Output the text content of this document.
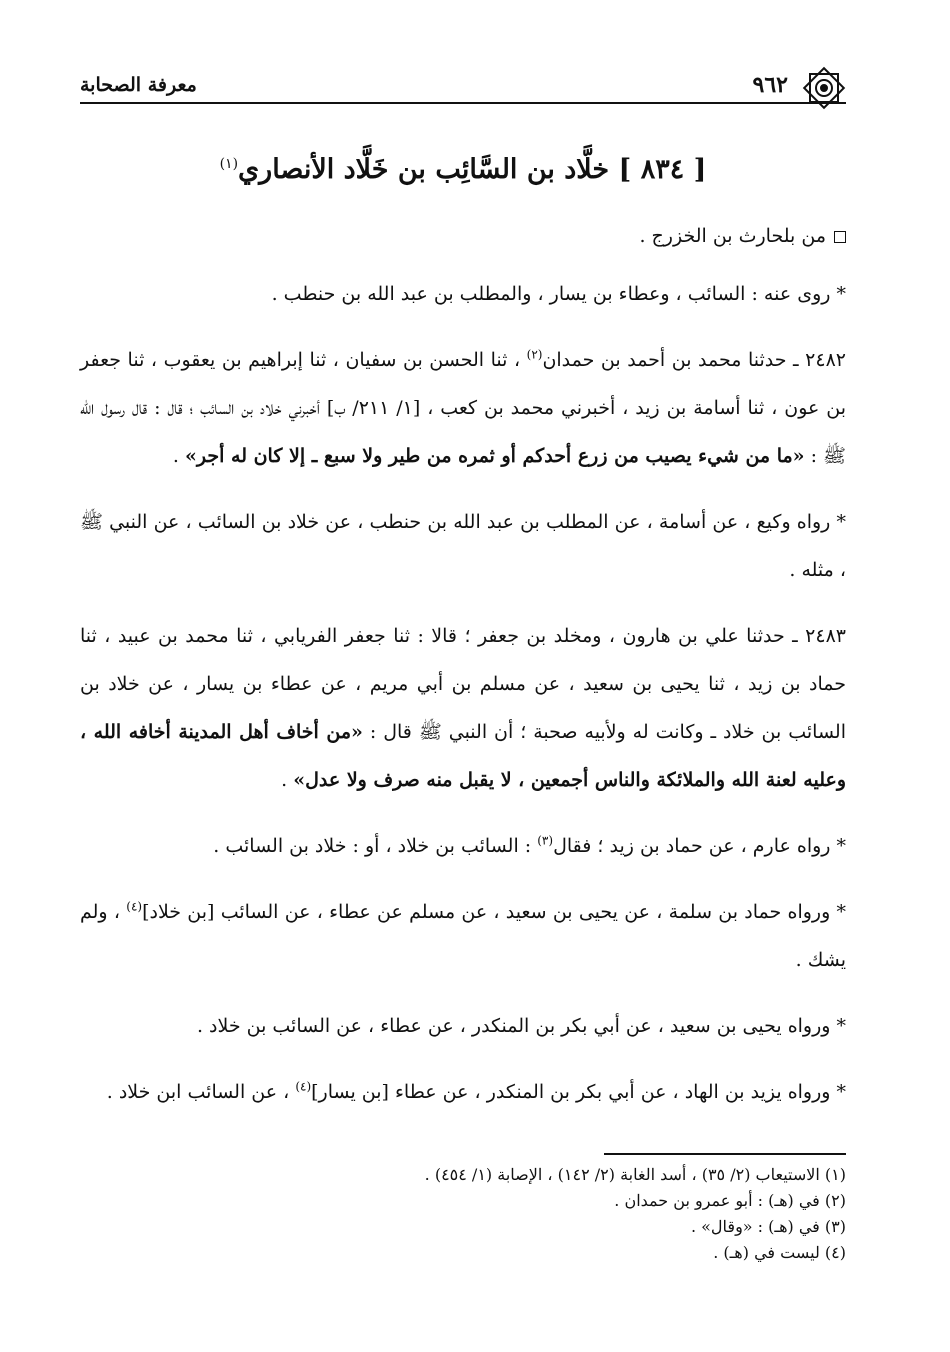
٩٦٢
معرفة الصحابة
[ ٨٣٤ ] خلَّاد بن السَّائِب بن خَلَّاد الأنصاري$^{(١)}$

من بلحارث بن الخزرج .

* روى عنه : السائب ، وعطاء بن يسار ، والمطلب بن عبد الله بن حنطب .

٢٤٨٢ ـ حدثنا محمد بن أحمد بن حمدان$^{(٢)}$ ، ثنا الحسن بن سفيان ، ثنا إبراهيم بن يعقوب ، ثنا جعفر بن عون ، ثنا أسامة بن زيد ، أخبرني محمد بن كعب ، [١/ ٢١١/ ب] أخبرني خلاد بن السائب ؛ قال : قال رسول الله ﷺ : «ما من شيء يصيب من زرع أحدكم أو ثمره من طير ولا سبع ـ إلا كان له أجر» .

* رواه وكيع ، عن أسامة ، عن المطلب بن عبد الله بن حنطب ، عن خلاد بن السائب ، عن النبي ﷺ ، مثله .

٢٤٨٣ ـ حدثنا علي بن هارون ، ومخلد بن جعفر ؛ قالا : ثنا جعفر الفريابي ، ثنا محمد بن عبيد ، ثنا حماد بن زيد ، ثنا يحيى بن سعيد ، عن مسلم بن أبي مريم ، عن عطاء بن يسار ، عن خلاد بن السائب بن خلاد ـ وكانت له ولأبيه صحبة ؛ أن النبي ﷺ قال : «من أخاف أهل المدينة أخافه الله ، وعليه لعنة الله والملائكة والناس أجمعين ، لا يقبل منه صرف ولا عدل» .

* رواه عارم ، عن حماد بن زيد ؛ فقال$^{(٣)}$ : السائب بن خلاد ، أو : خلاد بن السائب .

* ورواه حماد بن سلمة ، عن يحيى بن سعيد ، عن مسلم عن عطاء ، عن السائب [بن خلاد]$^{(٤)}$ ، ولم يشك .

* ورواه يحيى بن سعيد ، عن أبي بكر بن المنكدر ، عن عطاء ، عن السائب بن خلاد .

* ورواه يزيد بن الهاد ، عن أبي بكر بن المنكدر ، عن عطاء [بن يسار]$^{(٤)}$ ، عن السائب ابن خلاد .

(١) الاستيعاب (٢/ ٣٥) ، أسد الغابة (٢/ ١٤٢) ، الإصابة (١/ ٤٥٤) .
(٢) في (هـ) : أبو عمرو بن حمدان .
(٣) في (هـ) : «وقال» .
(٤) ليست في (هـ) .
